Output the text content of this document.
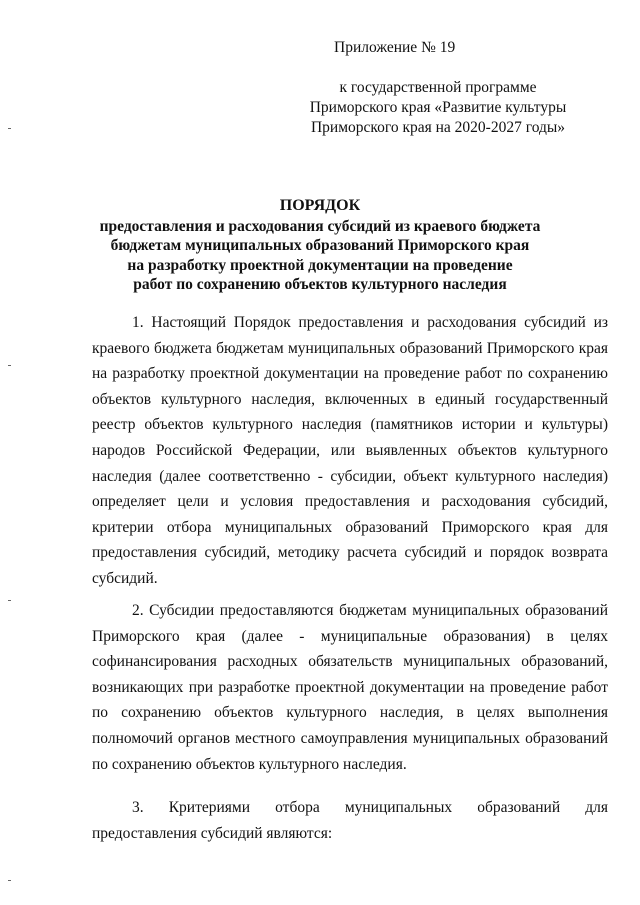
Приложение № 19
к государственной программе
Приморского края «Развитие культуры
Приморского края на 2020-2027 годы»
ПОРЯДОК
предоставления и расходования субсидий из краевого бюджета
бюджетам муниципальных образований Приморского края
на разработку проектной документации на проведение
работ по сохранению объектов культурного наследия
1. Настоящий Порядок предоставления и расходования субсидий из
краевого бюджета бюджетам муниципальных образований Приморского края
на разработку проектной документации на проведение работ по сохранению
объектов культурного наследия, включенных в единый государственный
реестр объектов культурного наследия (памятников истории и культуры)
народов Российской Федерации, или выявленных объектов культурного
наследия (далее соответственно - субсидии, объект культурного наследия)
определяет цели и условия предоставления и расходования субсидий,
критерии отбора муниципальных образований Приморского края для
предоставления субсидий, методику расчета субсидий и порядок возврата
субсидий.
2. Субсидии предоставляются бюджетам муниципальных образований
Приморского края (далее - муниципальные образования) в целях
софинансирования расходных обязательств муниципальных образований,
возникающих при разработке проектной документации на проведение работ
по сохранению объектов культурного наследия, в целях выполнения
полномочий органов местного самоуправления муниципальных образований
по сохранению объектов культурного наследия.
3. Критериями отбора муниципальных образований для
предоставления субсидий являются:
